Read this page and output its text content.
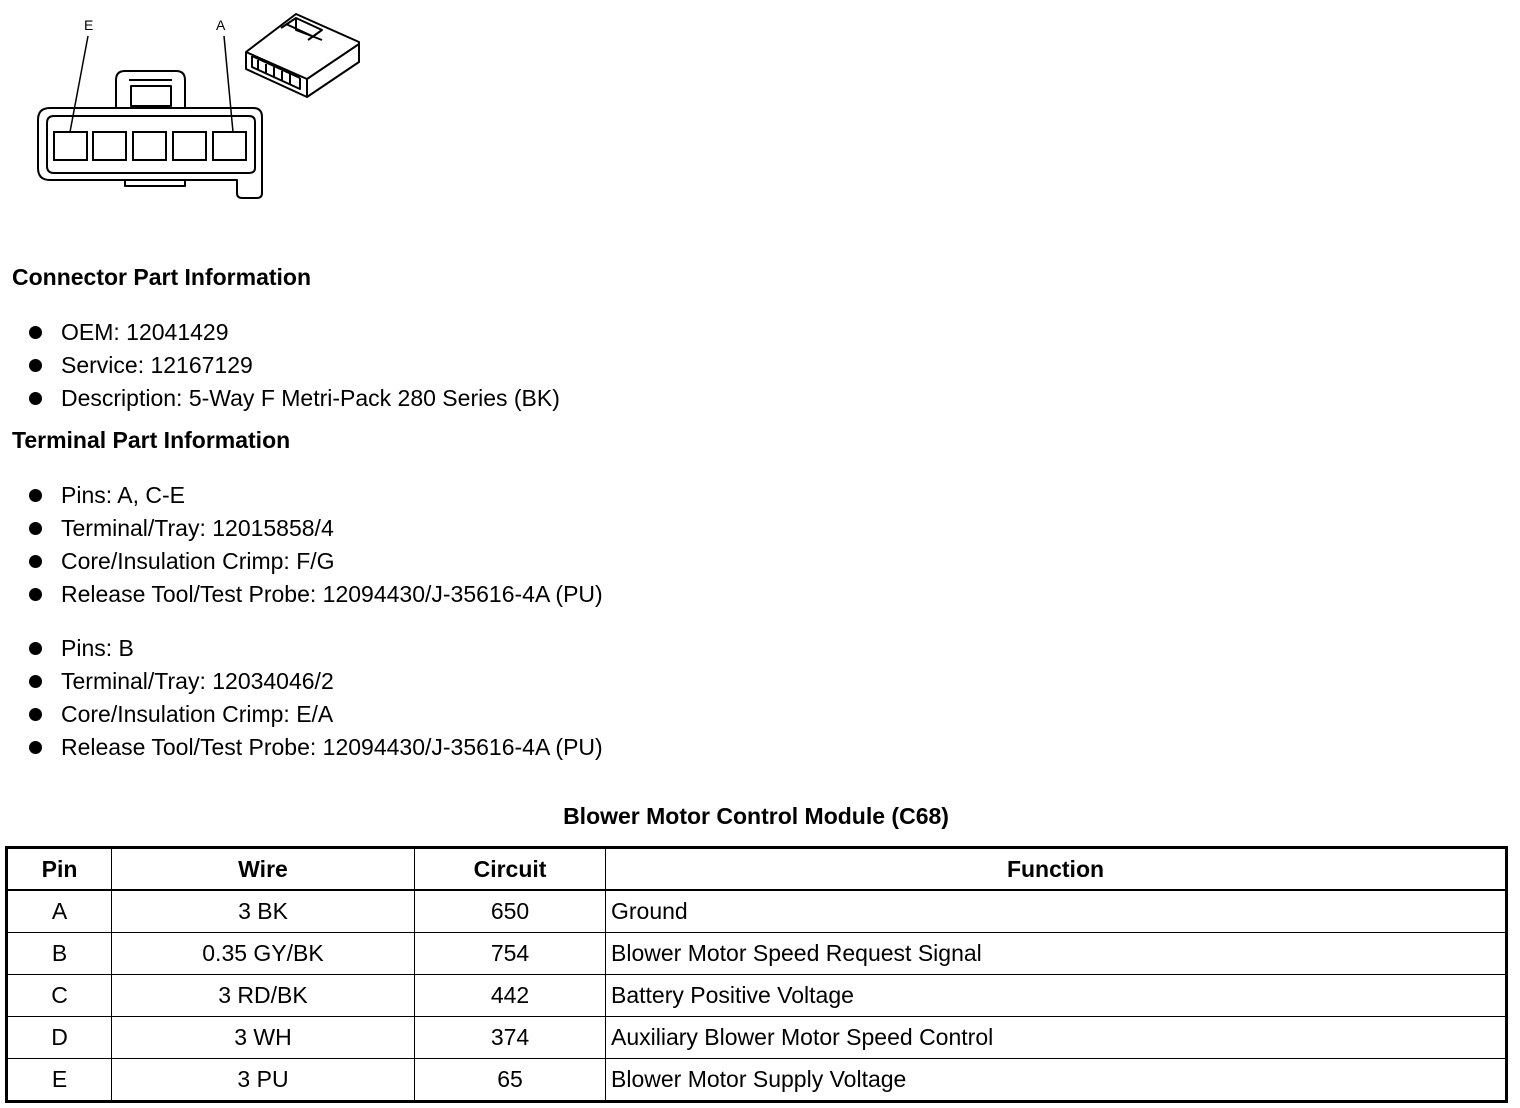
E	A
Connector Part Information
OEM: 12041429
Service: 12167129
Description: 5-Way F Metri-Pack 280 Series (BK)
Terminal Part Information
Pins: A, C-E
Terminal/Tray: 12015858/4
Core/Insulation Crimp: F/G
Release Tool/Test Probe: 12094430/J-35616-4A (PU)
Pins: B
Terminal/Tray: 12034046/2
Core/Insulation Crimp: E/A
Release Tool/Test Probe: 12094430/J-35616-4A (PU)
Blower Motor Control Module (C68)
Pin	Wire	Circuit	Function
A	3 BK	650	Ground
B	0.35 GY/BK	754	Blower Motor Speed Request Signal
C	3 RD/BK	442	Battery Positive Voltage
D	3 WH	374	Auxiliary Blower Motor Speed Control
E	3 PU	65	Blower Motor Supply Voltage
